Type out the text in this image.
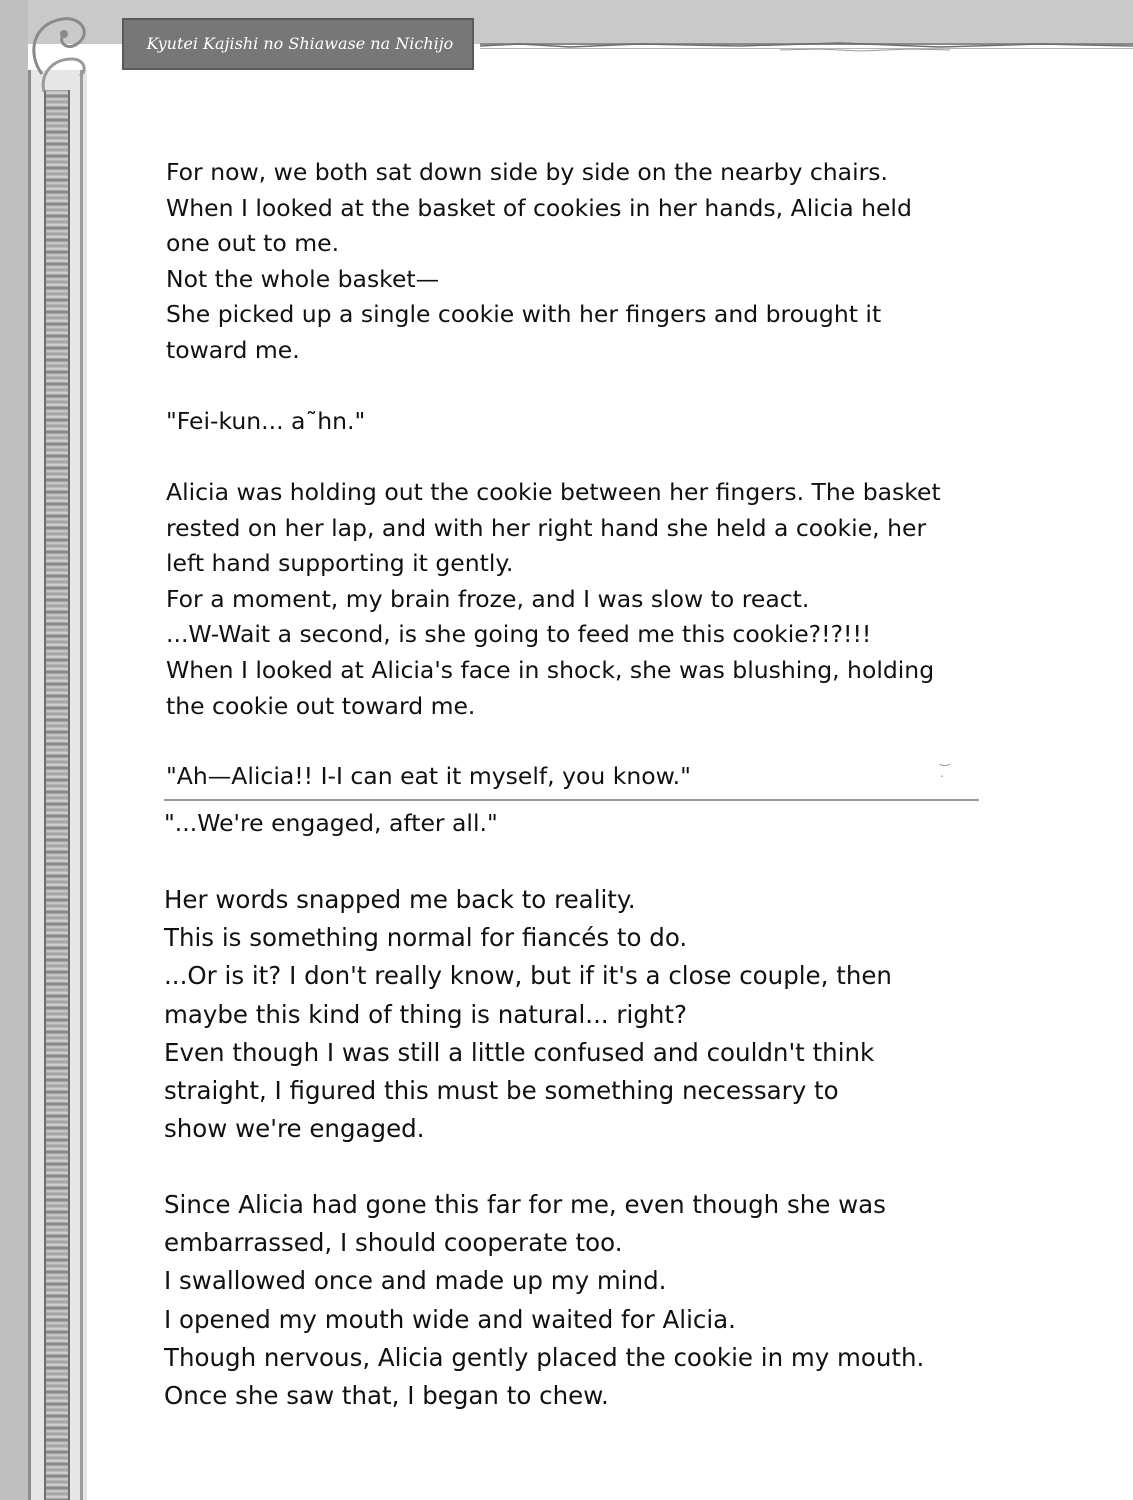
Kyutei Kajishi no Shiawase na Nichijo

For now, we both sat down side by side on the nearby chairs.
When I looked at the basket of cookies in her hands, Alicia held
one out to me.
Not the whole basket—
She picked up a single cookie with her fingers and brought it
toward me.

"Fei-kun... a˜hn."

Alicia was holding out the cookie between her fingers. The basket
rested on her lap, and with her right hand she held a cookie, her
left hand supporting it gently.
For a moment, my brain froze, and I was slow to react.
...W-Wait a second, is she going to feed me this cookie?!?!!!
When I looked at Alicia's face in shock, she was blushing, holding
the cookie out toward me.

‿ .

"Ah—Alicia!! I-I can eat it myself, you know."

"...We're engaged, after all."

Her words snapped me back to reality.
This is something normal for fiancés to do.
...Or is it? I don't really know, but if it's a close couple, then
maybe this kind of thing is natural... right?
Even though I was still a little confused and couldn't think
straight, I figured this must be something necessary to
show we're engaged.

Since Alicia had gone this far for me, even though she was
embarrassed, I should cooperate too.
I swallowed once and made up my mind.
I opened my mouth wide and waited for Alicia.
Though nervous, Alicia gently placed the cookie in my mouth.
Once she saw that, I began to chew.
